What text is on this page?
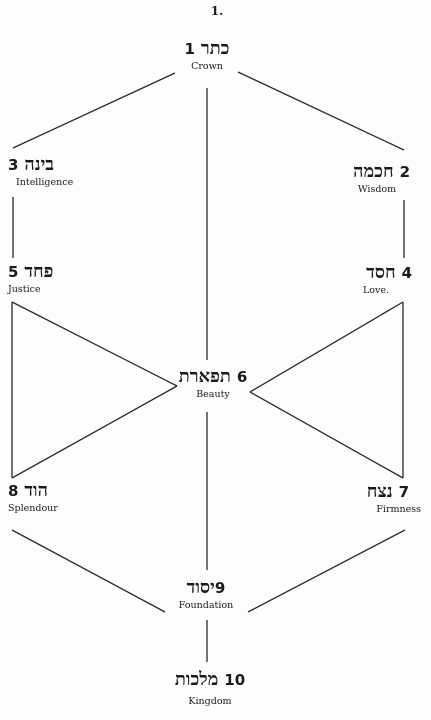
1.
1
כתר
Crown
3
בינה
Intelligence
חכמה
2
Wisdom
5
פחד
Justice
חסד
4
Love.
תפארת
6
Beauty
8
הוד
Splendour
נצח
7
Firmness
יסוד 9
Foundation
מלכות
10
Kingdom
